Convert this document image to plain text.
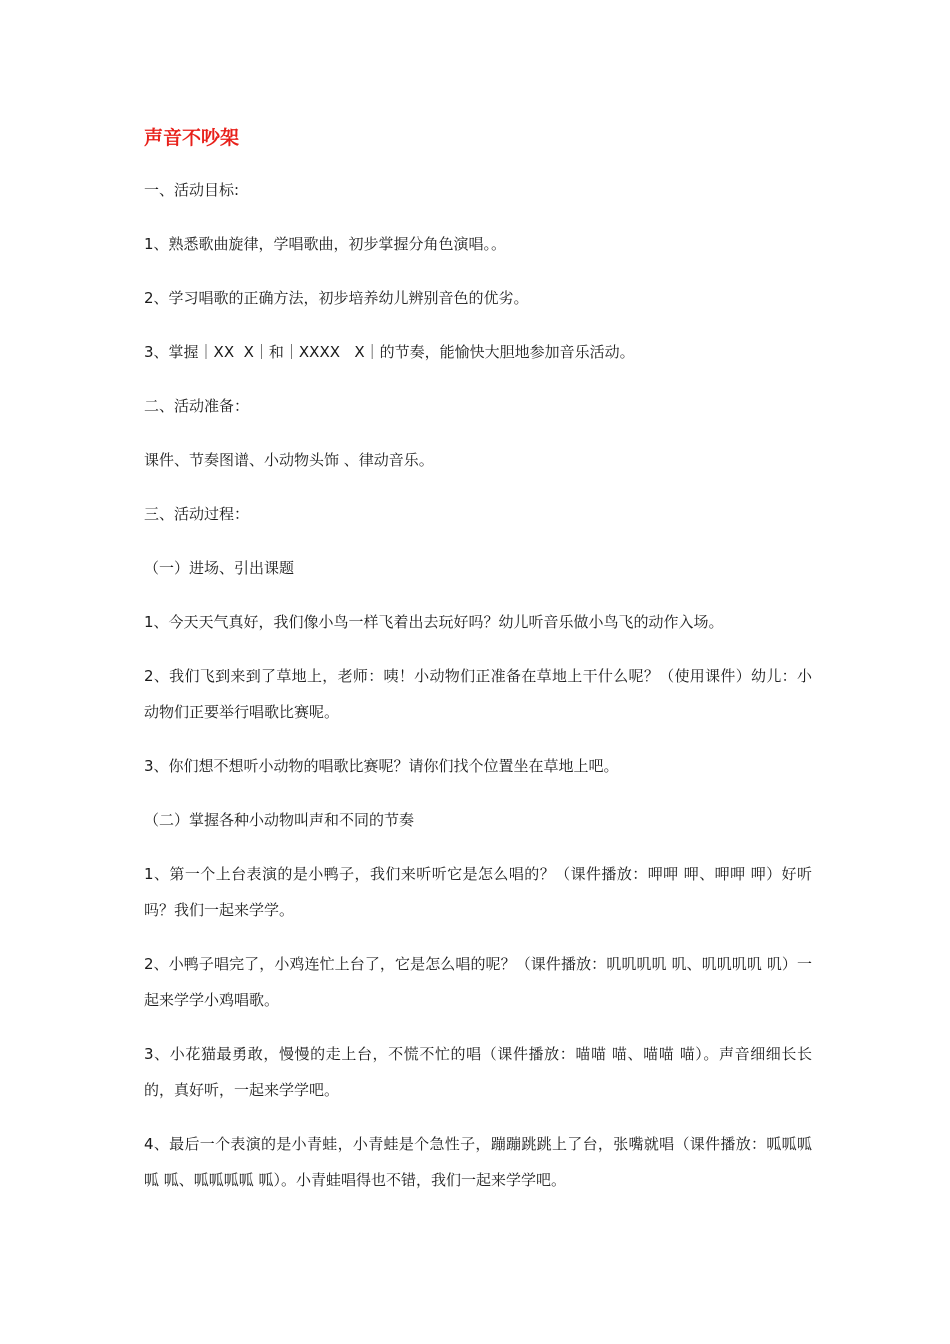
声音不吵架
一、活动目标:
1、熟悉歌曲旋律，学唱歌曲，初步掌握分角色演唱。。
2、学习唱歌的正确方法，初步培养幼儿辨别音色的优劣。
3、掌握｜XX  X｜和｜XXXX   X｜的节奏，能愉快大胆地参加音乐活动。
二、活动准备：
课件、节奏图谱、小动物头饰 、律动音乐。
三、活动过程：
（一）进场、引出课题
1、今天天气真好，我们像小鸟一样飞着出去玩好吗？幼儿听音乐做小鸟飞的动作入场。
2、我们飞到来到了草地上，老师：咦！小动物们正准备在草地上干什么呢？（使用课件）幼儿：小动物们正要举行唱歌比赛呢。
3、你们想不想听小动物的唱歌比赛呢？请你们找个位置坐在草地上吧。
（二）掌握各种小动物叫声和不同的节奏
1、第一个上台表演的是小鸭子，我们来听听它是怎么唱的？（课件播放：呷呷 呷、呷呷 呷）好听吗？我们一起来学学。
2、小鸭子唱完了，小鸡连忙上台了，它是怎么唱的呢？（课件播放：叽叽叽叽 叽、叽叽叽叽 叽）一起来学学小鸡唱歌。
3、小花猫最勇敢，慢慢的走上台，不慌不忙的唱（课件播放：喵喵 喵、喵喵 喵）。声音细细长长的，真好听，一起来学学吧。
4、最后一个表演的是小青蛙，小青蛙是个急性子，蹦蹦跳跳上了台，张嘴就唱（课件播放：呱呱呱呱 呱、呱呱呱呱 呱）。小青蛙唱得也不错，我们一起来学学吧。
